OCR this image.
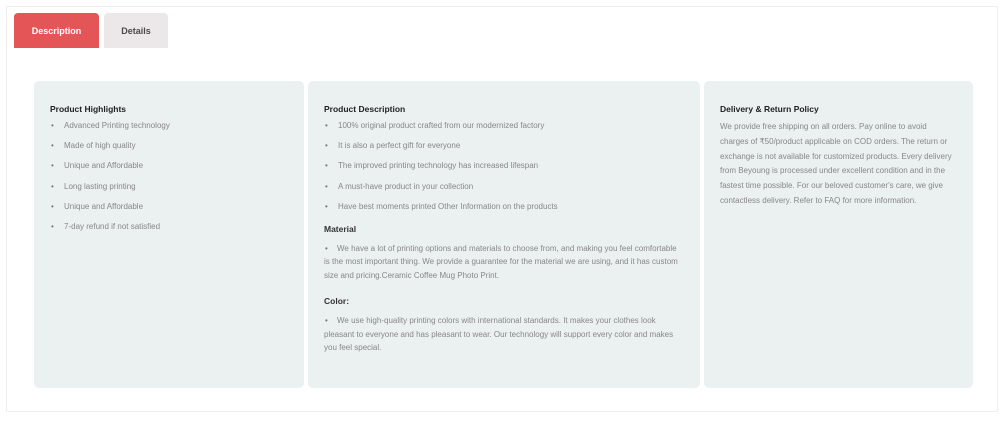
Description	Details
Product Highlights
•	Advanced Printing technology
•	Made of high quality
•	Unique and Affordable
•	Long lasting printing
•	Unique and Affordable
•	7-day refund if not satisfied
Product Description
•	100% original product crafted from our modernized factory
•	It is also a perfect gift for everyone
•	The improved printing technology has increased lifespan
•	A must-have product in your collection
•	Have best moments printed Other Information on the products
Material

• We have a lot of printing options and materials to choose from, and making you feel comfortable is the most important thing. We provide a guarantee for the material we are using, and it has custom size and pricing.Ceramic Coffee Mug Photo Print.

Color:

• We use high-quality printing colors with international standards. It makes your clothes look pleasant to everyone and has pleasant to wear. Our technology will support every color and makes you feel special.

Delivery & Return Policy

We provide free shipping on all orders. Pay online to avoid charges of ₹50/product applicable on COD orders. The return or exchange is not available for customized products. Every delivery from Beyoung is processed under excellent condition and in the fastest time possible. For our beloved customer's care, we give contactless delivery. Refer to FAQ for more information.
